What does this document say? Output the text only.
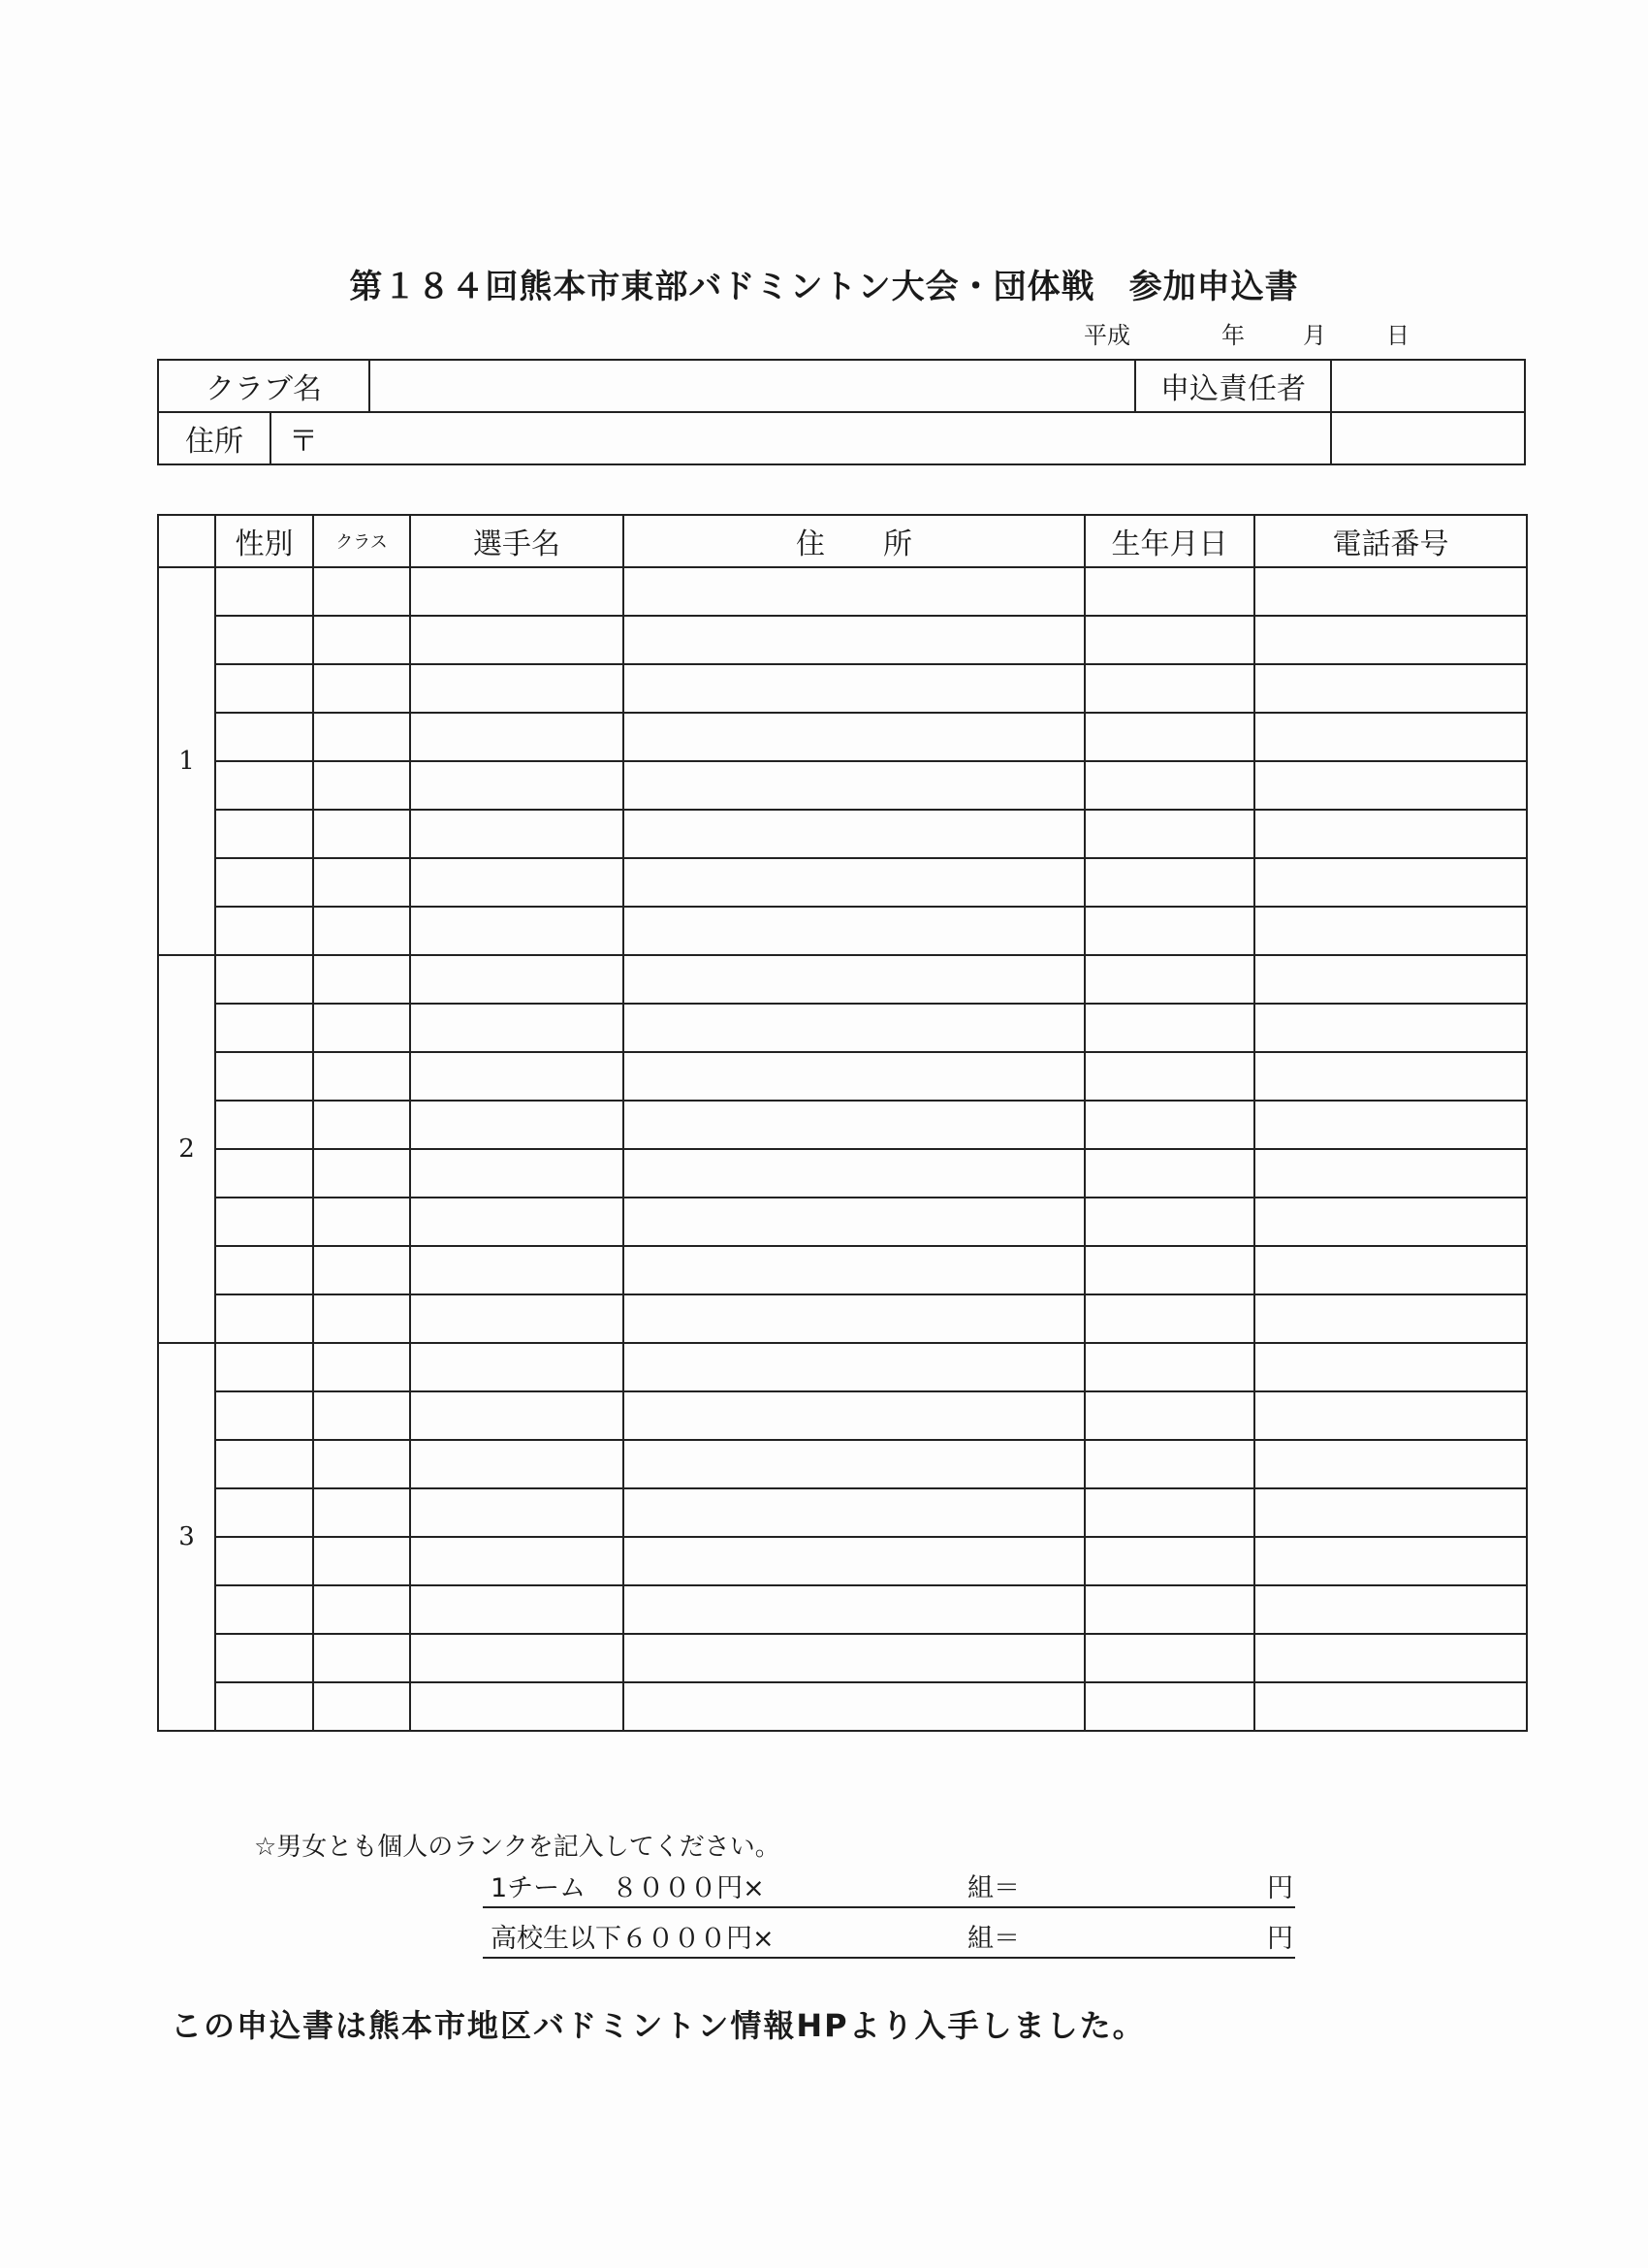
第１８４回熊本市東部バドミントン大会・団体戦　参加申込書
平成	年	月	日
クラブ名		申込責任者	

住所 〒			

	性別	クラス	選手名	住　　所	生年月日	電話番号
1						

2						

3						

☆男女とも個人のランクを記入してください。
1チーム　８０００円×	組＝	円
高校生以下６０００円×	組＝	円
この申込書は熊本市地区バドミントン情報HPより入手しました。
